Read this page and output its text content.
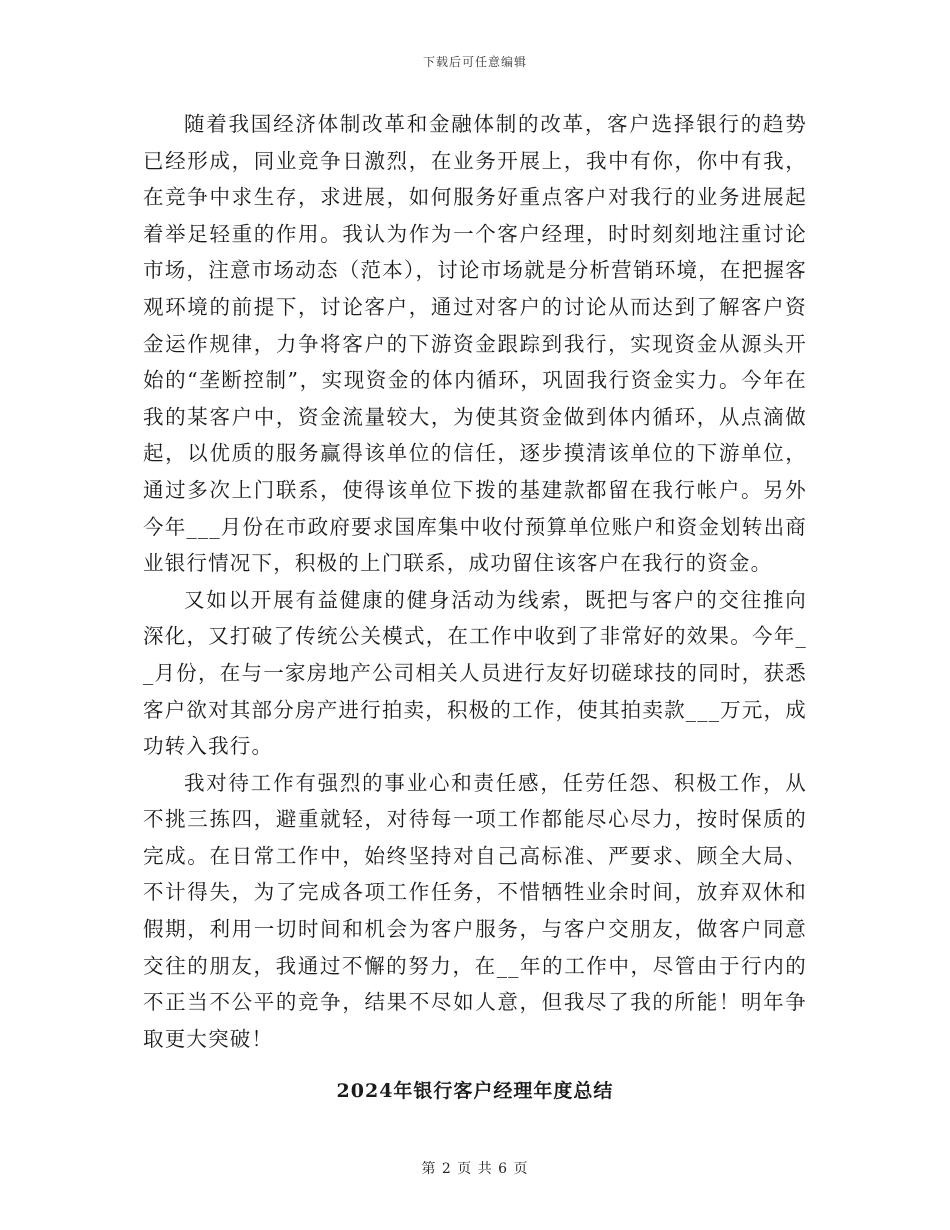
下载后可任意编辑

随着我国经济体制改革和金融体制的改革，客户选择银行的趋势已经形成，同业竞争日激烈，在业务开展上，我中有你，你中有我，在竞争中求生存，求进展，如何服务好重点客户对我行的业务进展起着举足轻重的作用。我认为作为一个客户经理，时时刻刻地注重讨论市场，注意市场动态（范本），讨论市场就是分析营销环境，在把握客观环境的前提下，讨论客户，通过对客户的讨论从而达到了解客户资金运作规律，力争将客户的下游资金跟踪到我行，实现资金从源头开始的“垄断控制”，实现资金的体内循环，巩固我行资金实力。今年在我的某客户中，资金流量较大，为使其资金做到体内循环，从点滴做起，以优质的服务赢得该单位的信任，逐步摸清该单位的下游单位，通过多次上门联系，使得该单位下拨的基建款都留在我行帐户。另外今年___月份在市政府要求国库集中收付预算单位账户和资金划转出商业银行情况下，积极的上门联系，成功留住该客户在我行的资金。

又如以开展有益健康的健身活动为线索，既把与客户的交往推向深化，又打破了传统公关模式，在工作中收到了非常好的效果。今年__月份，在与一家房地产公司相关人员进行友好切磋球技的同时，获悉客户欲对其部分房产进行拍卖，积极的工作，使其拍卖款___万元，成功转入我行。

我对待工作有强烈的事业心和责任感，任劳任怨、积极工作，从不挑三拣四，避重就轻，对待每一项工作都能尽心尽力，按时保质的完成。在日常工作中，始终坚持对自己高标准、严要求、顾全大局、不计得失，为了完成各项工作任务，不惜牺牲业余时间，放弃双休和假期，利用一切时间和机会为客户服务，与客户交朋友，做客户同意交往的朋友，我通过不懈的努力，在__年的工作中，尽管由于行内的不正当不公平的竞争，结果不尽如人意，但我尽了我的所能！明年争取更大突破！

2024年银行客户经理年度总结
第 2 页 共 6 页
